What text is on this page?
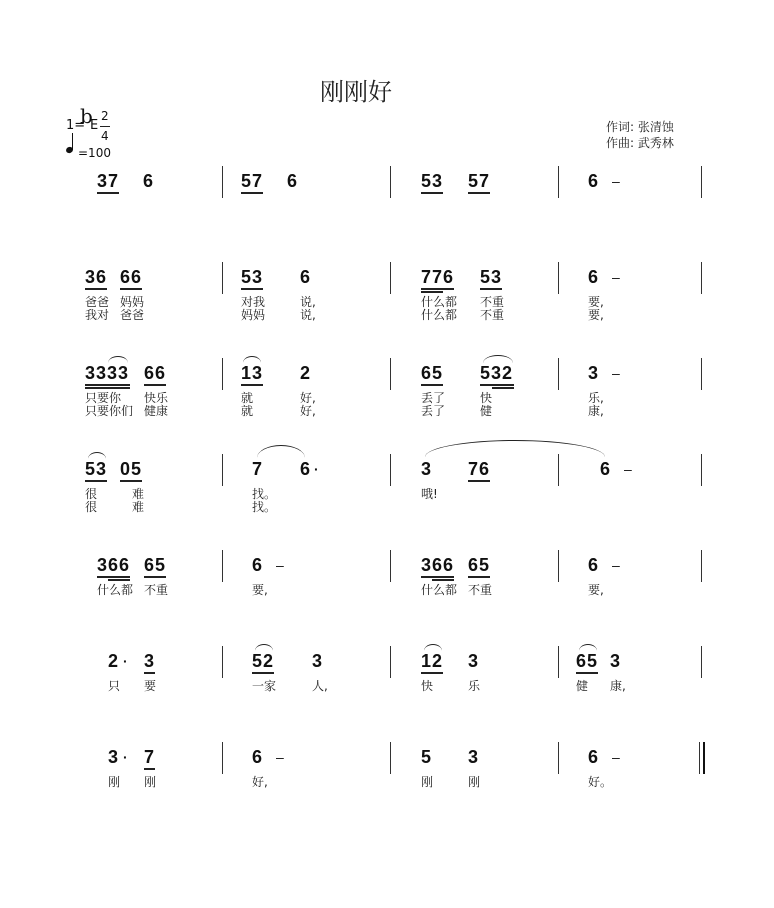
刚刚好
作词: 张清蚀
作曲: 武秀林
1=
b
E
2
4
=100
37 6	57 6	53 57	6 –
36 66	53 6	776 53	6 –
爸爸 妈妈	对我	说,	什么都 不重	要,
我对 爸爸	妈妈	说,	什么都 不重	要,
3333 66	13 2	65 532	3 –
只要你 快乐	就	好,	丢了	快	乐,
只要你们 健康	就	好,	丢了	健	康,
53 05	7 6 ·	3 76	6 –
很	难	找。	哦!
很	难	找。
366 65	6 –	366 65	6 –
什么都 不重	要,	什么都 不重	要,
2 · 3	52 3	12 3	65 3
只 要	一家	人,	快	乐	健 康,
3 · 7	6 –	5 3	6 –
刚 刚	好,	刚	刚	好。
